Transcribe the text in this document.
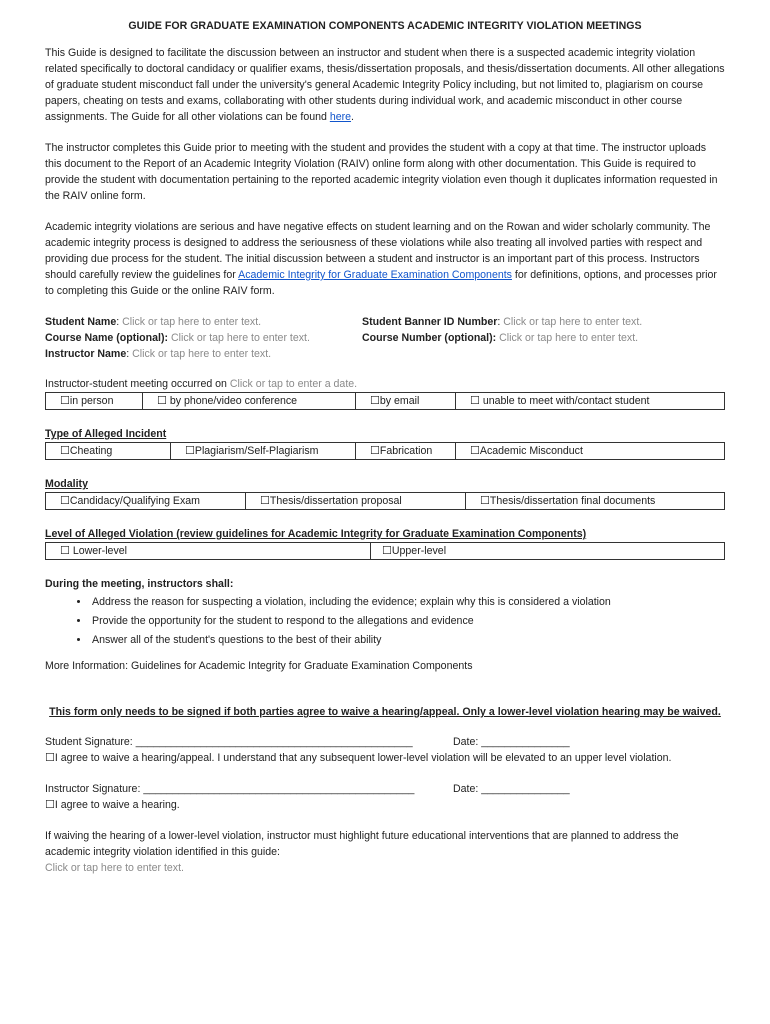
GUIDE FOR GRADUATE EXAMINATION COMPONENTS ACADEMIC INTEGRITY VIOLATION MEETINGS

This Guide is designed to facilitate the discussion between an instructor and student when there is a suspected academic integrity violation related specifically to doctoral candidacy or qualifier exams, thesis/dissertation proposals, and thesis/dissertation documents. All other allegations of graduate student misconduct fall under the university's general Academic Integrity Policy including, but not limited to, plagiarism on course papers, cheating on tests and exams, collaborating with other students during individual work, and academic misconduct in other course assignments. The Guide for all other violations can be found here.

The instructor completes this Guide prior to meeting with the student and provides the student with a copy at that time. The instructor uploads this document to the Report of an Academic Integrity Violation (RAIV) online form along with other documentation. This Guide is required to provide the student with documentation pertaining to the reported academic integrity violation even though it duplicates information requested in the RAIV online form.

Academic integrity violations are serious and have negative effects on student learning and on the Rowan and wider scholarly community. The academic integrity process is designed to address the seriousness of these violations while also treating all involved parties with respect and providing due process for the student. The initial discussion between a student and instructor is an important part of this process. Instructors should carefully review the guidelines for Academic Integrity for Graduate Examination Components for definitions, options, and processes prior to completing this Guide or the online RAIV form.

Student Name: Click or tap here to enter text.
Course Name (optional): Click or tap here to enter text.
Instructor Name: Click or tap here to enter text.
Student Banner ID Number: Click or tap here to enter text.
Course Number (optional): Click or tap here to enter text.
Instructor-student meeting occurred on Click or tap to enter a date.
☐in person	☐ by phone/video conference	☐by email	☐ unable to meet with/contact student
Type of Alleged Incident
☐Cheating	☐Plagiarism/Self-Plagiarism	☐Fabrication	☐Academic Misconduct
Modality
☐Candidacy/Qualifying Exam	☐Thesis/dissertation proposal	☐Thesis/dissertation final documents
Level of Alleged Violation (review guidelines for Academic Integrity for Graduate Examination Components)
☐ Lower-level	☐Upper-level
During the meeting, instructors shall:
• Address the reason for suspecting a violation, including the evidence; explain why this is considered a violation
• Provide the opportunity for the student to respond to the allegations and evidence
• Answer all of the student's questions to the best of their ability
More Information: Guidelines for Academic Integrity for Graduate Examination Components
This form only needs to be signed if both parties agree to waive a hearing/appeal. Only a lower-level violation hearing may be waived.
Student Signature: _______________________________________________	Date: _______________
☐I agree to waive a hearing/appeal. I understand that any subsequent lower-level violation will be elevated to an upper level violation.
Instructor Signature: ______________________________________________	Date: _______________
☐I agree to waive a hearing.
If waiving the hearing of a lower-level violation, instructor must highlight future educational interventions that are planned to address the academic integrity violation identified in this guide:
Click or tap here to enter text.
